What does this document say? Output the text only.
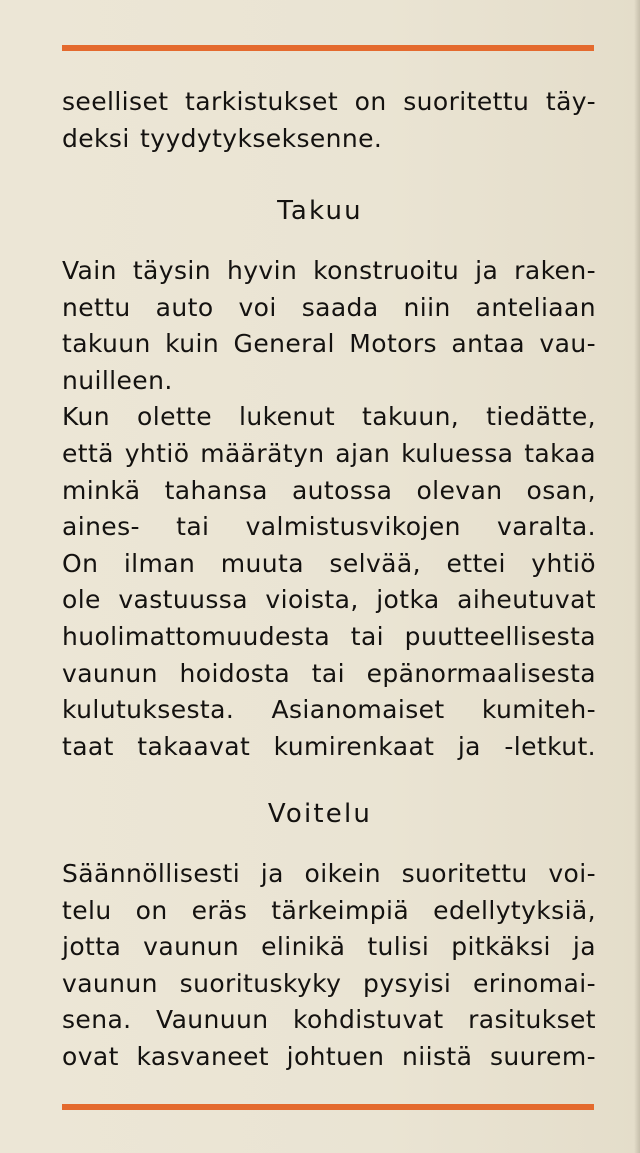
seelliset tarkistukset on suoritettu täy-
deksi tyydytykseksenne.
Takuu
Vain täysin hyvin konstruoitu ja raken-
nettu auto voi saada niin anteliaan
takuun kuin General Motors antaa vau-
nuilleen.
Kun olette lukenut takuun, tiedätte,
että yhtiö määrätyn ajan kuluessa takaa
minkä tahansa autossa olevan osan,
aines- tai valmistusvikojen varalta.
On ilman muuta selvää, ettei yhtiö
ole vastuussa vioista, jotka aiheutuvat
huolimattomuudesta tai puutteellisesta
vaunun hoidosta tai epänormaalisesta
kulutuksesta. Asianomaiset kumiteh-
taat takaavat kumirenkaat ja -letkut.
Voitelu
Säännöllisesti ja oikein suoritettu voi-
telu on eräs tärkeimpiä edellytyksiä,
jotta vaunun elinikä tulisi pitkäksi ja
vaunun suorituskyky pysyisi erinomai-
sena. Vaunuun kohdistuvat rasitukset
ovat kasvaneet johtuen niistä suurem-
